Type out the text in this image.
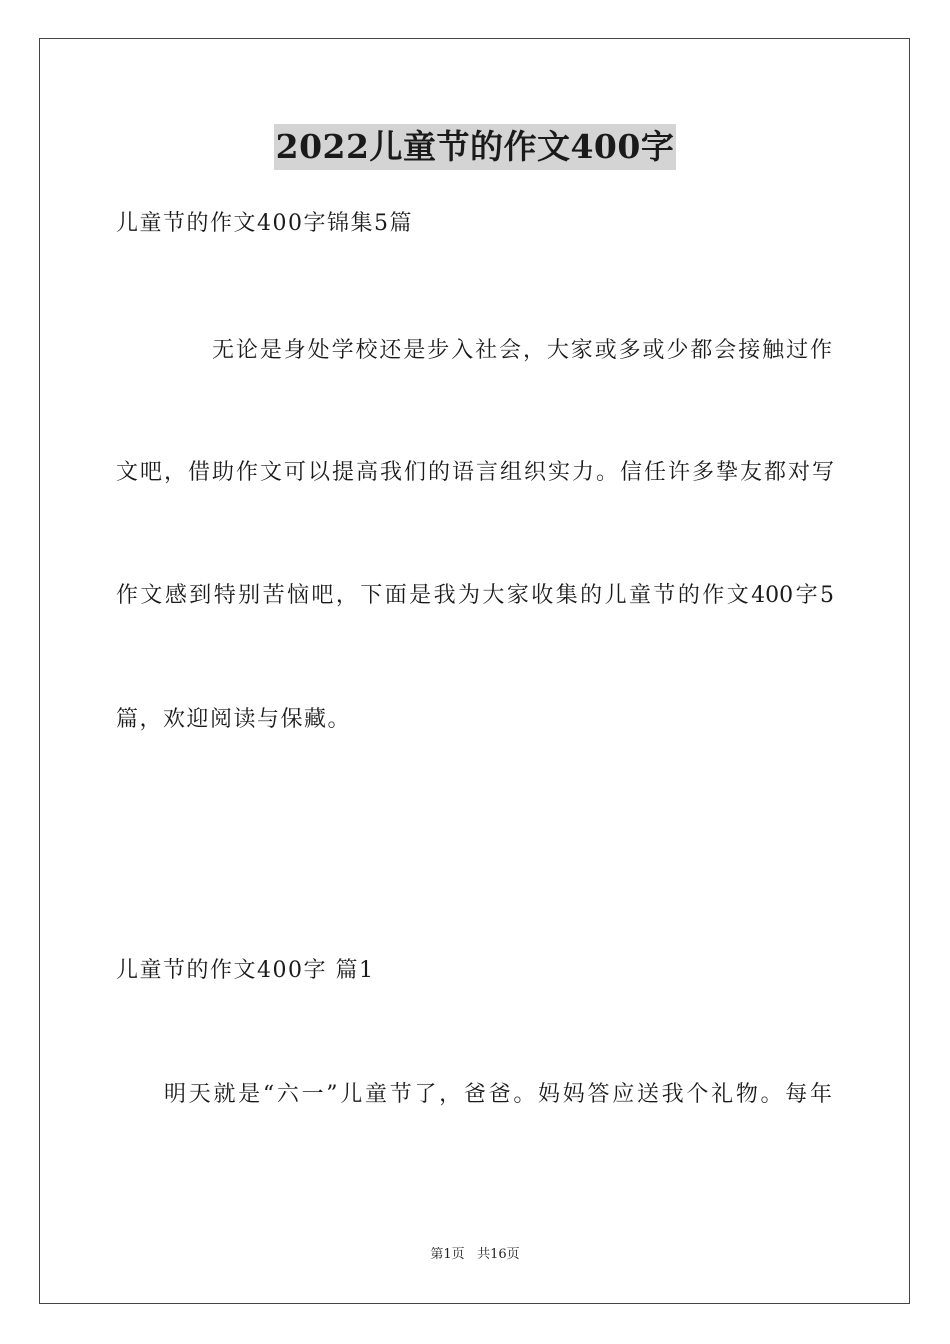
2022儿童节的作文400字
儿童节的作文400字锦集5篇
无论是身处学校还是步入社会，大家或多或少都会接触过作
文吧，借助作文可以提高我们的语言组织实力。信任许多挚友都对写
作文感到特别苦恼吧，下面是我为大家收集的儿童节的作文400字5
篇，欢迎阅读与保藏。
儿童节的作文400字 篇1
明天就是“六一”儿童节了，爸爸。妈妈答应送我个礼物。每年
第1页 共16页
